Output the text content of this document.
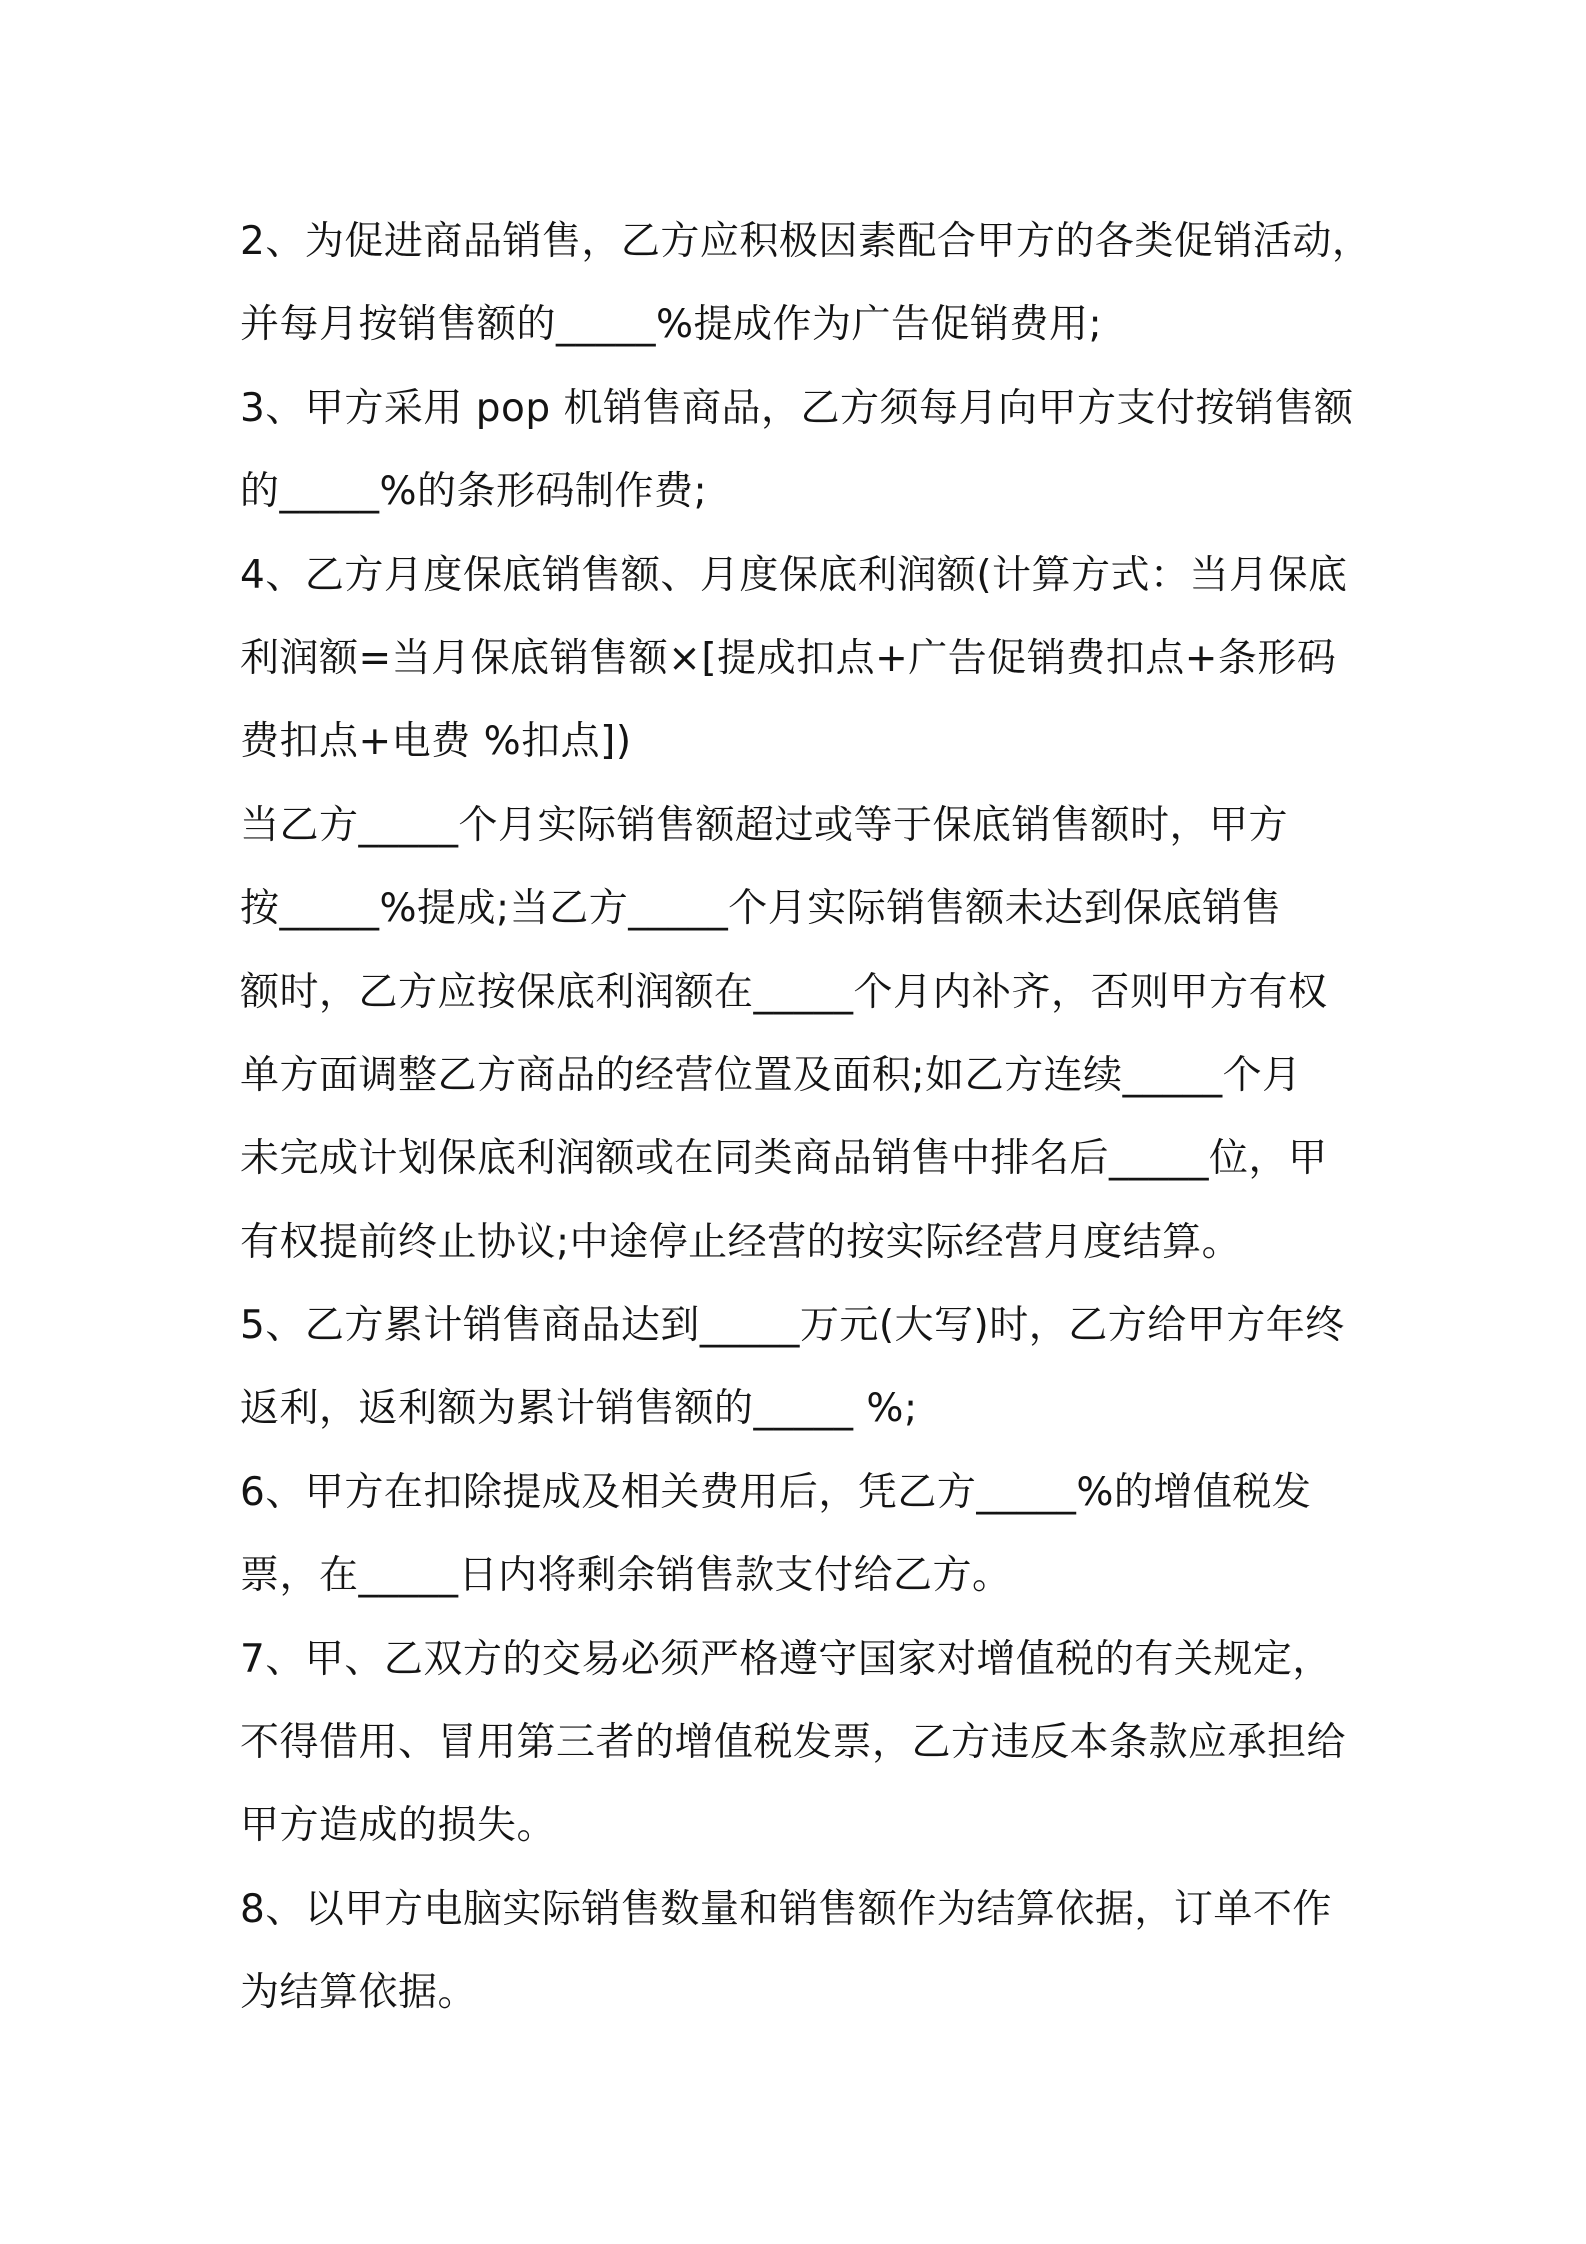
2、为促进商品销售，乙方应积极因素配合甲方的各类促销活动，
并每月按销售额的_____%提成作为广告促销费用;
3、甲方采用 pop 机销售商品，乙方须每月向甲方支付按销售额
的_____%的条形码制作费;
4、乙方月度保底销售额、月度保底利润额(计算方式：当月保底
利润额=当月保底销售额×[提成扣点+广告促销费扣点+条形码
费扣点+电费 %扣点])
当乙方_____个月实际销售额超过或等于保底销售额时，甲方
按_____%提成;当乙方_____个月实际销售额未达到保底销售
额时，乙方应按保底利润额在_____个月内补齐，否则甲方有权
单方面调整乙方商品的经营位置及面积;如乙方连续_____个月
未完成计划保底利润额或在同类商品销售中排名后_____位，甲
有权提前终止协议;中途停止经营的按实际经营月度结算。
5、乙方累计销售商品达到_____万元(大写)时，乙方给甲方年终
返利，返利额为累计销售额的_____ %;
6、甲方在扣除提成及相关费用后，凭乙方_____%的增值税发
票，在_____日内将剩余销售款支付给乙方。
7、甲、乙双方的交易必须严格遵守国家对增值税的有关规定，
不得借用、冒用第三者的增值税发票，乙方违反本条款应承担给
甲方造成的损失。
8、以甲方电脑实际销售数量和销售额作为结算依据，订单不作
为结算依据。
